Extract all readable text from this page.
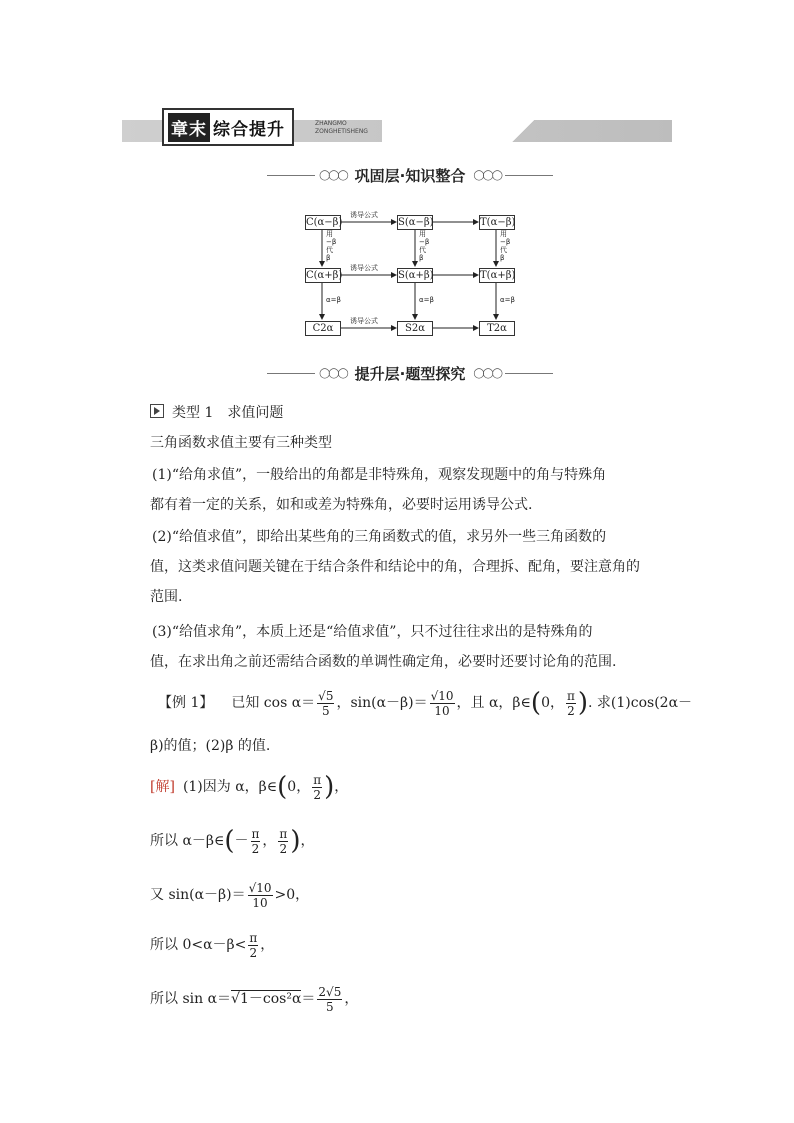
章末 综合提升	ZHANGMO
ZONGHETISHENG
◯◯◯ 巩固层·知识整合 ◯◯◯
C(α−β)	S(α−β)	T(α−β)
C(α+β)	S(α+β)	T(α+β)
C2α	S2α	T2α
诱导公式
诱导公式
诱导公式
用
−β
代
β
用
−β
代
β
用
−β
代
β
α=β	α=β	α=β
◯◯◯ 提升层·题型探究 ◯◯◯
类型 1　求值问题
三角函数求值主要有三种类型
(1)“给角求值”，一般给出的角都是非特殊角，观察发现题中的角与特殊角
都有着一定的关系，如和或差为特殊角，必要时运用诱导公式.
(2)“给值求值”，即给出某些角的三角函数式的值，求另外一些三角函数的
值，这类求值问题关键在于结合条件和结论中的角，合理拆、配角，要注意角的
范围.
(3)“给值求角”，本质上还是“给值求值”，只不过往往求出的是特殊角的
值，在求出角之前还需结合函数的单调性确定角，必要时还要讨论角的范围.
【例 1】 已知 $\cos \alpha= \frac{√5}{5}$ ，$\sin(\alpha-\beta)= \frac{√10}{10}$ ，且 α，β∈(0， $\frac{\pi}{2}$ ). 求(1)cos(2α－
β)的值；(2)β 的值.
[解] (1)因为 α，β∈(0， $\frac{\pi}{2}$ )，
所以 α－β∈(－ $\frac{\pi}{2}$ ， $\frac{\pi}{2}$ )，
又 $\sin(\alpha-\beta)= \frac{√10}{10} >0$，
所以 $0<\alpha-\beta< \frac{\pi}{2}$ ，
所以 $\sin \alpha=√1-\cos^2\alpha= \frac{2√5}{5}$ ，
